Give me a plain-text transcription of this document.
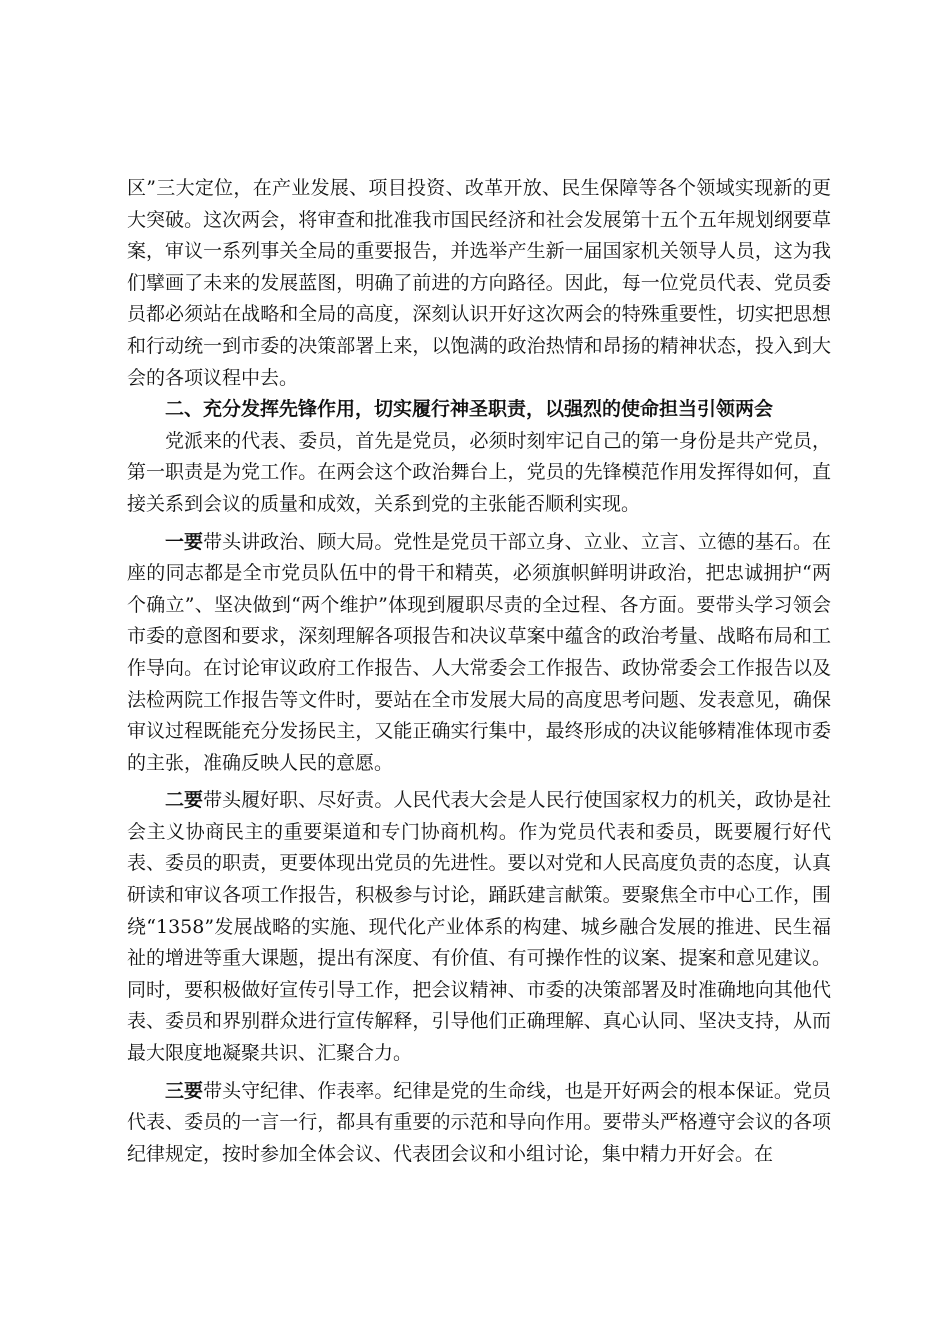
区”三大定位，在产业发展、项目投资、改革开放、民生保障等各个领域实现新的更大突破。这次两会，将审查和批准我市国民经济和社会发展第十五个五年规划纲要草案，审议一系列事关全局的重要报告，并选举产生新一届国家机关领导人员，这为我们擘画了未来的发展蓝图，明确了前进的方向路径。因此，每一位党员代表、党员委员都必须站在战略和全局的高度，深刻认识开好这次两会的特殊重要性，切实把思想和行动统一到市委的决策部署上来，以饱满的政治热情和昂扬的精神状态，投入到大会的各项议程中去。

二、充分发挥先锋作用，切实履行神圣职责，以强烈的使命担当引领两会

党派来的代表、委员，首先是党员，必须时刻牢记自己的第一身份是共产党员，第一职责是为党工作。在两会这个政治舞台上，党员的先锋模范作用发挥得如何，直接关系到会议的质量和成效，关系到党的主张能否顺利实现。

一要带头讲政治、顾大局。党性是党员干部立身、立业、立言、立德的基石。在座的同志都是全市党员队伍中的骨干和精英，必须旗帜鲜明讲政治，把忠诚拥护“两个确立”、坚决做到“两个维护”体现到履职尽责的全过程、各方面。要带头学习领会市委的意图和要求，深刻理解各项报告和决议草案中蕴含的政治考量、战略布局和工作导向。在讨论审议政府工作报告、人大常委会工作报告、政协常委会工作报告以及法检两院工作报告等文件时，要站在全市发展大局的高度思考问题、发表意见，确保审议过程既能充分发扬民主，又能正确实行集中，最终形成的决议能够精准体现市委的主张，准确反映人民的意愿。

二要带头履好职、尽好责。人民代表大会是人民行使国家权力的机关，政协是社会主义协商民主的重要渠道和专门协商机构。作为党员代表和委员，既要履行好代表、委员的职责，更要体现出党员的先进性。要以对党和人民高度负责的态度，认真研读和审议各项工作报告，积极参与讨论，踊跃建言献策。要聚焦全市中心工作，围绕“1358”发展战略的实施、现代化产业体系的构建、城乡融合发展的推进、民生福祉的增进等重大课题，提出有深度、有价值、有可操作性的议案、提案和意见建议。同时，要积极做好宣传引导工作，把会议精神、市委的决策部署及时准确地向其他代表、委员和界别群众进行宣传解释，引导他们正确理解、真心认同、坚决支持，从而最大限度地凝聚共识、汇聚合力。

三要带头守纪律、作表率。纪律是党的生命线，也是开好两会的根本保证。党员代表、委员的一言一行，都具有重要的示范和导向作用。要带头严格遵守会议的各项纪律规定，按时参加全体会议、代表团会议和小组讨论，集中精力开好会。在
